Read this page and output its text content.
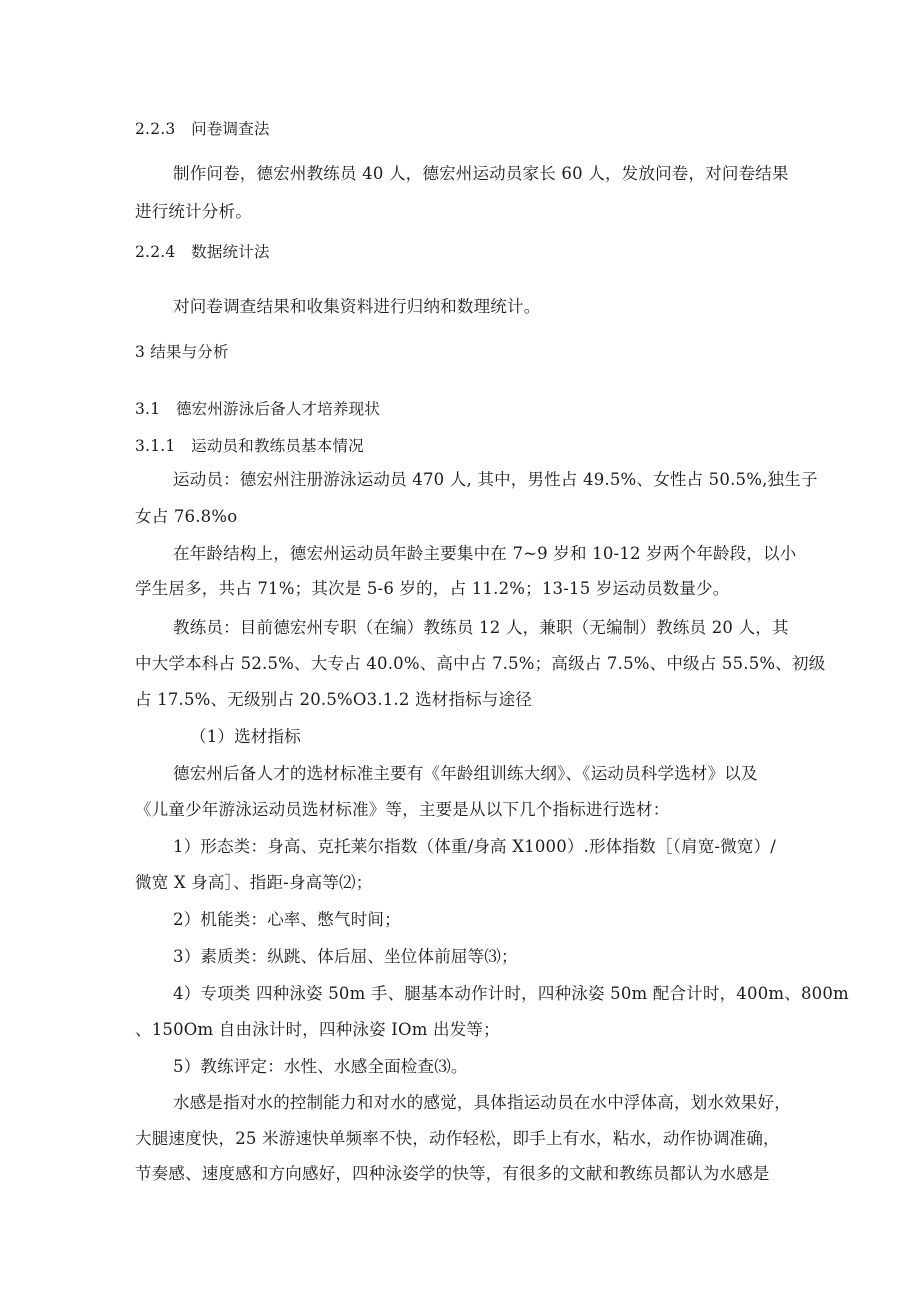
2.2.3　问卷调查法
制作问卷，德宏州教练员 40 人，德宏州运动员家长 60 人，发放问卷，对问卷结果
进行统计分析。
2.2.4　数据统计法
对问卷调查结果和收集资料进行归纳和数理统计。
3 结果与分析
3.1　德宏州游泳后备人才培养现状
3.1.1　运动员和教练员基本情况
运动员：德宏州注册游泳运动员 470 人, 其中，男性占 49.5%、女性占 50.5%,独生子
女占 76.8%o
在年龄结构上，德宏州运动员年龄主要集中在 7~9 岁和 10-12 岁两个年龄段，以小
学生居多，共占 71%；其次是 5-6 岁的，占 11.2%；13-15 岁运动员数量少。
教练员：目前德宏州专职（在编）教练员 12 人，兼职（无编制）教练员 20 人，其
中大学本科占 52.5%、大专占 40.0%、高中占 7.5%；高级占 7.5%、中级占 55.5%、初级
占 17.5%、无级别占 20.5%O3.1.2 选材指标与途径
（1）选材指标
德宏州后备人才的选材标准主要有《年龄组训练大纲》、《运动员科学选材》以及
《儿童少年游泳运动员选材标准》等，主要是从以下几个指标进行选材：
1）形态类：身高、克托莱尔指数（体重/身高 X1000）.形体指数［（肩宽-微宽）/
微宽 X 身高］、指距-身高等⑵；
2）机能类：心率、憋气时间；
3）素质类：纵跳、体后屈、坐位体前屈等⑶；
4）专项类 四种泳姿 50m 手、腿基本动作计时，四种泳姿 50m 配合计时，400m、800m
、150Om 自由泳计时，四种泳姿 IOm 出发等；
5）教练评定：水性、水感全面检查⑶。
水感是指对水的控制能力和对水的感觉，具体指运动员在水中浮体高，划水效果好，
大腿速度快，25 米游速快单频率不快，动作轻松，即手上有水，粘水，动作协调准确，
节奏感、速度感和方向感好，四种泳姿学的快等，有很多的文献和教练员都认为水感是
